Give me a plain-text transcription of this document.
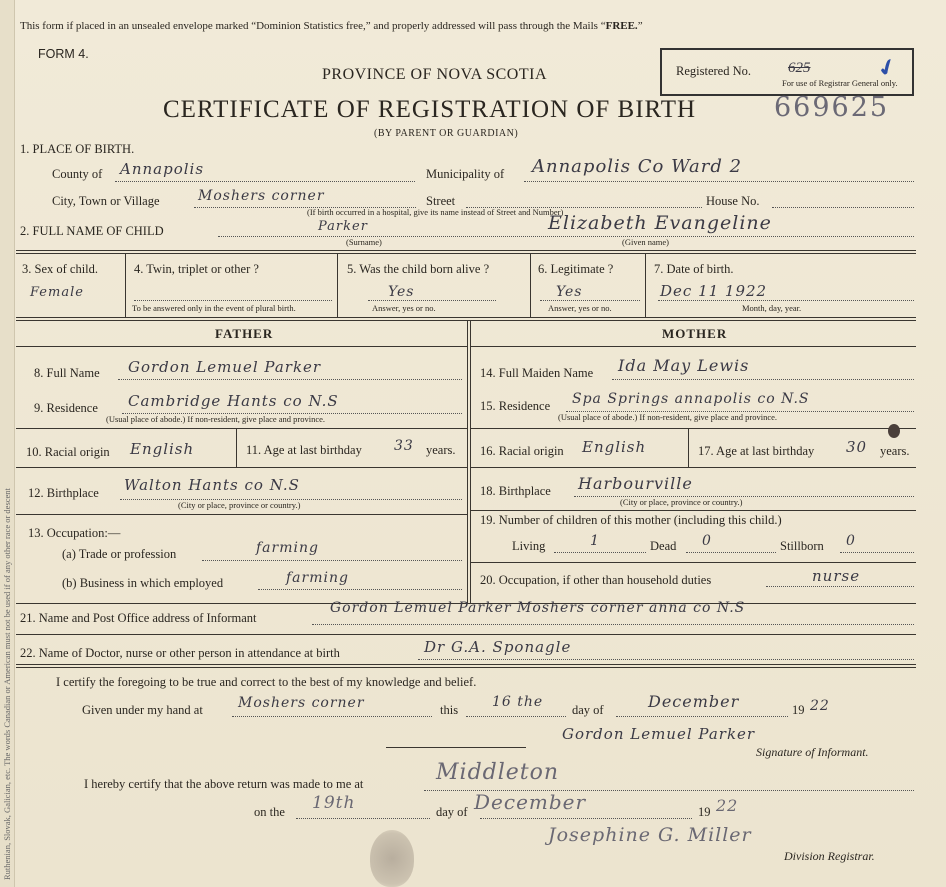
Ruthenian, Slovak, Galician, etc. The words Canadian or American must not be used if of any other race or descent
This form if placed in an unsealed envelope marked “Dominion Statistics free,” and properly addressed will pass through the Mails “FREE.”
FORM 4.
PROVINCE OF NOVA SCOTIA
CERTIFICATE OF REGISTRATION OF BIRTH
(BY PARENT OR GUARDIAN)
Registered No. 625
For use of Registrar General only.
✔
669625
1. PLACE OF BIRTH.
County of Annapolis	Municipality of Annapolis Co Ward 2
City, Town or Village	Moshers corner	Street	House No.
(If birth occurred in a hospital, give its name instead of Street and Number)
2. FULL NAME OF CHILD	Parker	Elizabeth Evangeline
(Surname)	(Given name)
3. Sex of child.
Female
4. Twin, triplet or other ?
To be answered only in the event of plural birth.
5. Was the child born alive ?
Yes
Answer, yes or no.
6. Legitimate ?
Yes
Answer, yes or no.
7. Date of birth.
Dec 11 1922
Month, day, year.
FATHER
8. Full Name Gordon Lemuel Parker
9. Residence Cambridge Hants co N.S
(Usual place of abode.) If non-resident, give place and province.
10. Racial origin English	11. Age at last birthday 33 years.
12. Birthplace Walton Hants co N.S
(City or place, province or country.)
13. Occupation:—
(a) Trade or profession	farming
(b) Business in which employed	farming
MOTHER
14. Full Maiden Name Ida May Lewis
15. Residence Spa Springs annapolis co N.S
(Usual place of abode.) If non-resident, give place and province.
16. Racial origin English	17. Age at last birthday 30 years.
18. Birthplace Harbourville
(City or place, province or country.)
19. Number of children of this mother (including this child.)
Living	1	Dead 0	Stillborn 0
20. Occupation, if other than household duties	nurse
21. Name and Post Office address of Informant
Gordon Lemuel Parker Moshers corner anna co N.S
22. Name of Doctor, nurse or other person in attendance at birth	Dr G.A. Sponagle
I certify the foregoing to be true and correct to the best of my knowledge and belief.
Given under my hand at	Moshers corner	this 16 the day of	December	19 22
Gordon Lemuel Parker
Signature of Informant.
I hereby certify that the above return was made to me at	Middleton
on the 19th	day of December	19 22
Josephine G. Miller
Division Registrar.
